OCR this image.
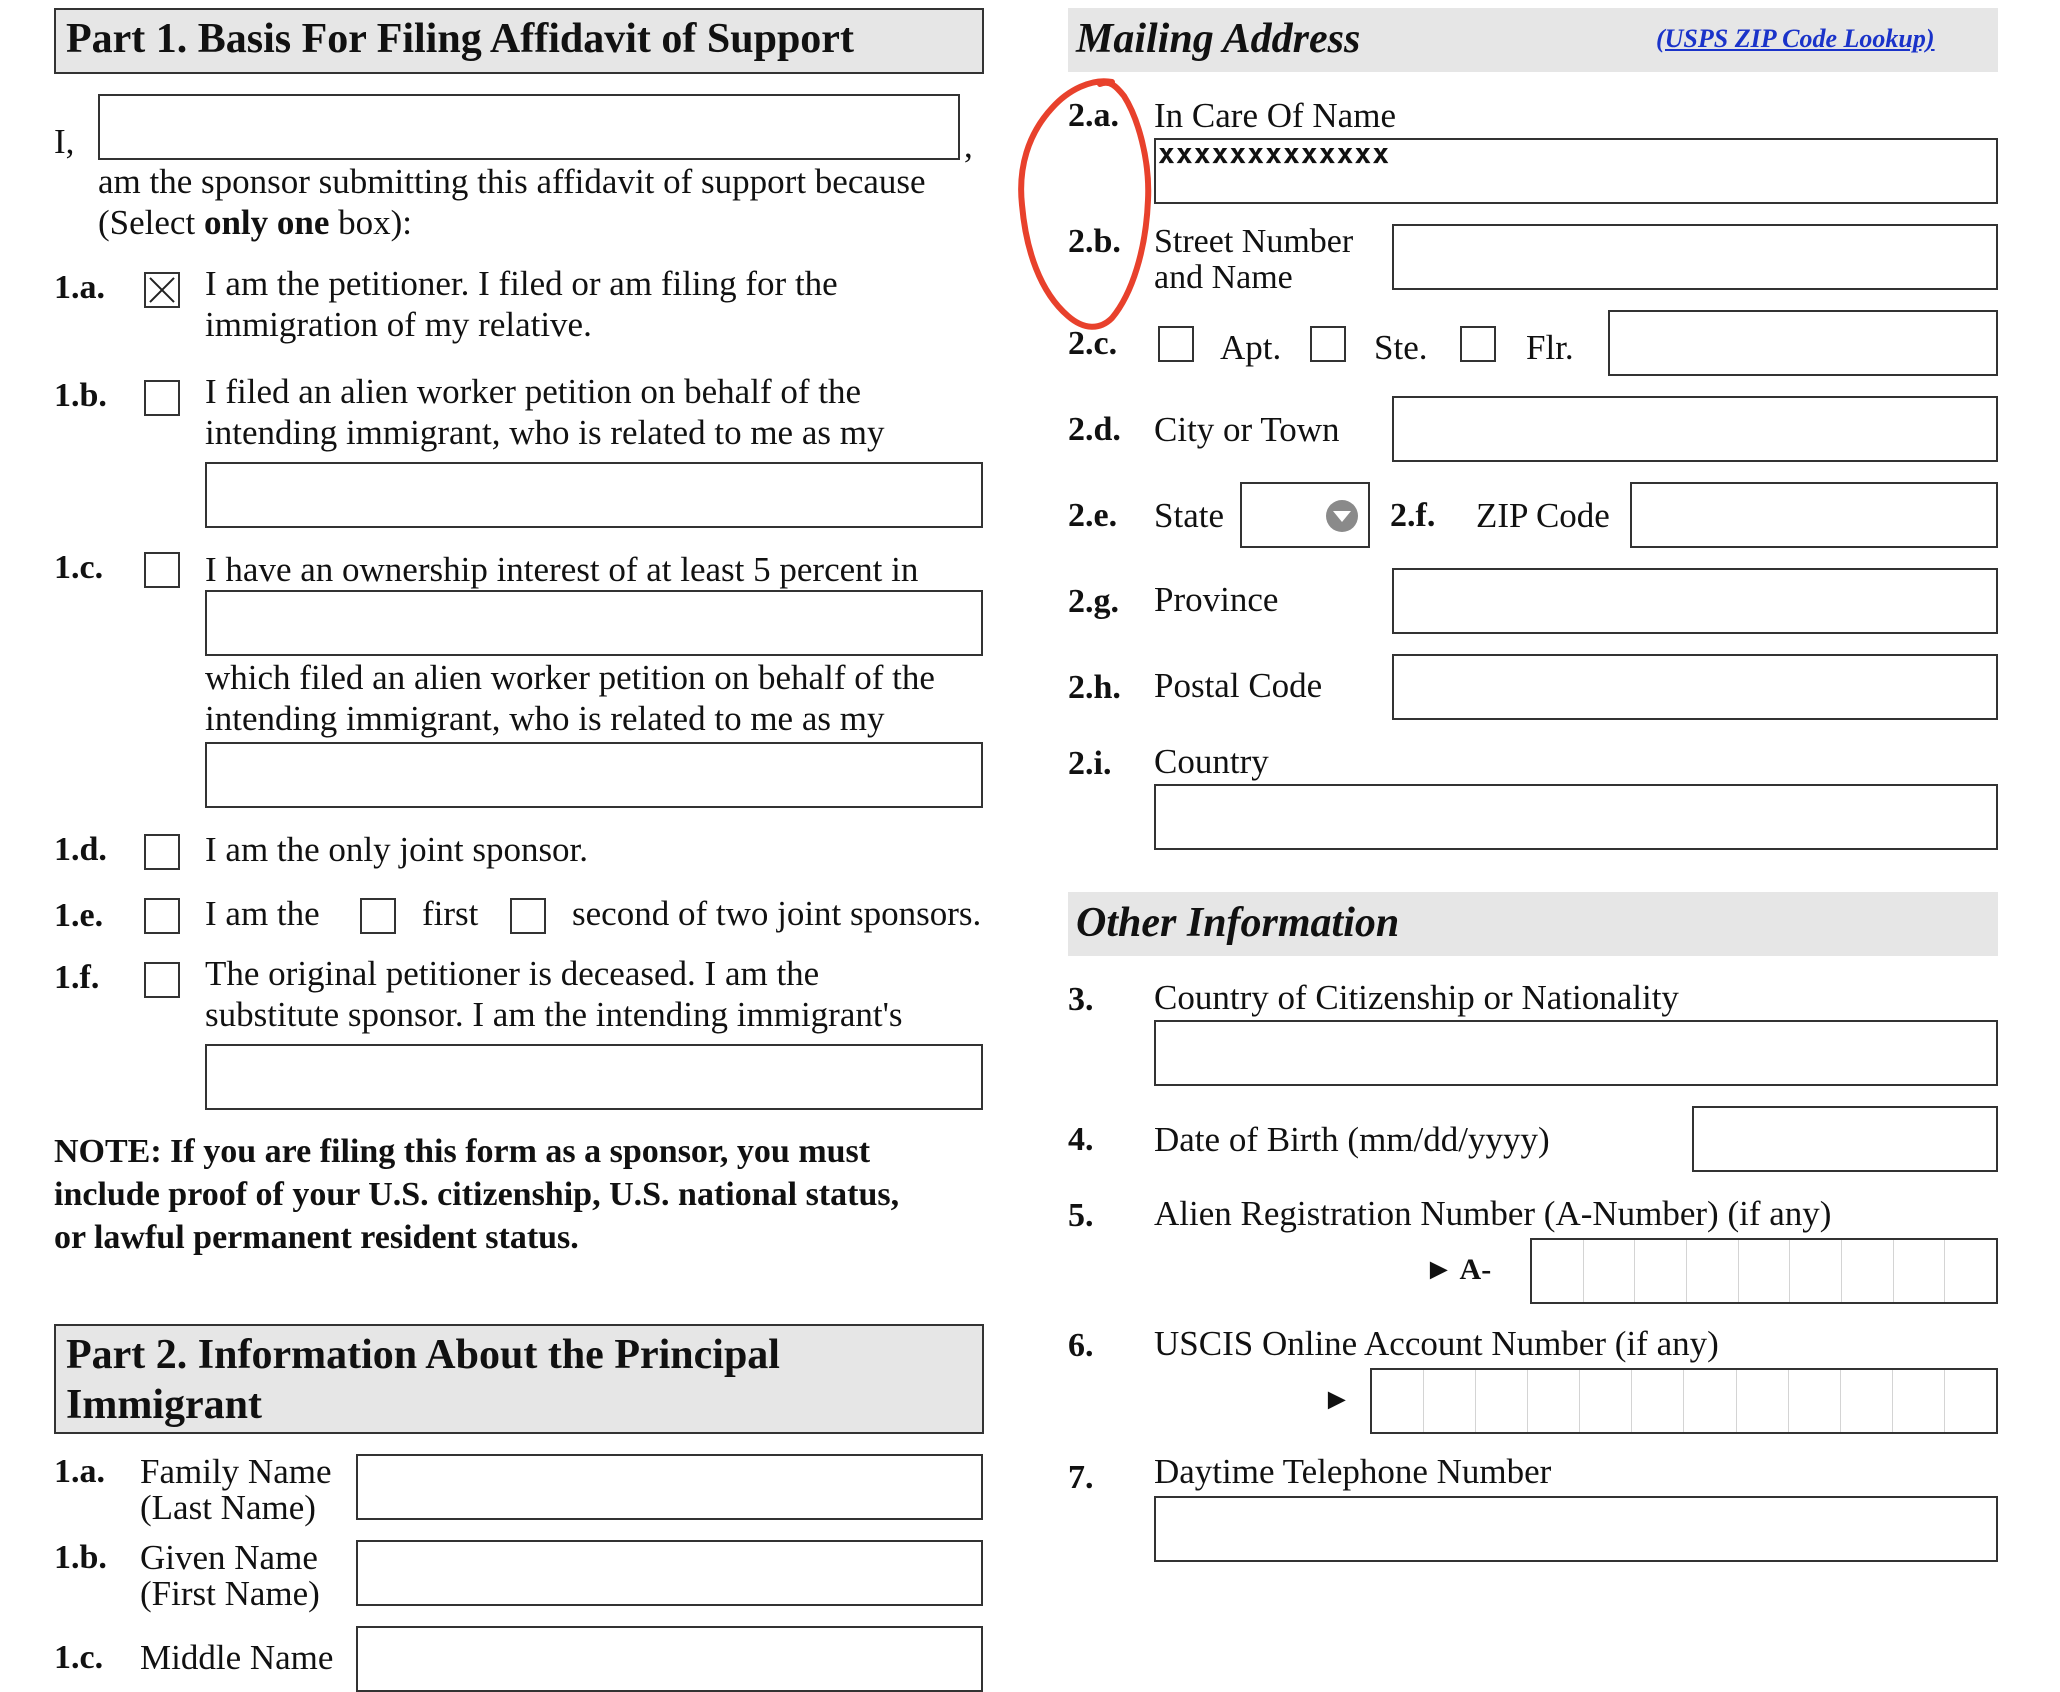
Part 1. Basis For Filing Affidavit of Support
I,	,
am the sponsor submitting this affidavit of support because
(Select only one box):
1.a.	I am the petitioner. I filed or am filing for the
immigration of my relative.
1.b.	I filed an alien worker petition on behalf of the
intending immigrant, who is related to me as my
1.c.	I have an ownership interest of at least 5 percent in
which filed an alien worker petition on behalf of the
intending immigrant, who is related to me as my
1.d.	I am the only joint sponsor.
1.e.	I am the	first	second of two joint sponsors.
1.f.	The original petitioner is deceased. I am the
substitute sponsor. I am the intending immigrant's
NOTE: If you are filing this form as a sponsor, you must
include proof of your U.S. citizenship, U.S. national status,
or lawful permanent resident status.
Part 2. Information About the Principal
Immigrant
1.a. Family Name
(Last Name)
1.b. Given Name
(First Name)
1.c. Middle Name
Mailing Address	(USPS ZIP Code Lookup)
2.a. In Care Of Name
xxxxxxxxxxxxx
2.b. Street Number
and Name
2.c.	Apt.	Ste.	Flr.
2.d. City or Town
2.e. State	2.f. ZIP Code
2.g. Province
2.h. Postal Code
2.i. Country
Other Information
3. Country of Citizenship or Nationality
4. Date of Birth (mm/dd/yyyy)
5. Alien Registration Number (A-Number) (if any)
► A-
6. USCIS Online Account Number (if any)
►
7. Daytime Telephone Number
